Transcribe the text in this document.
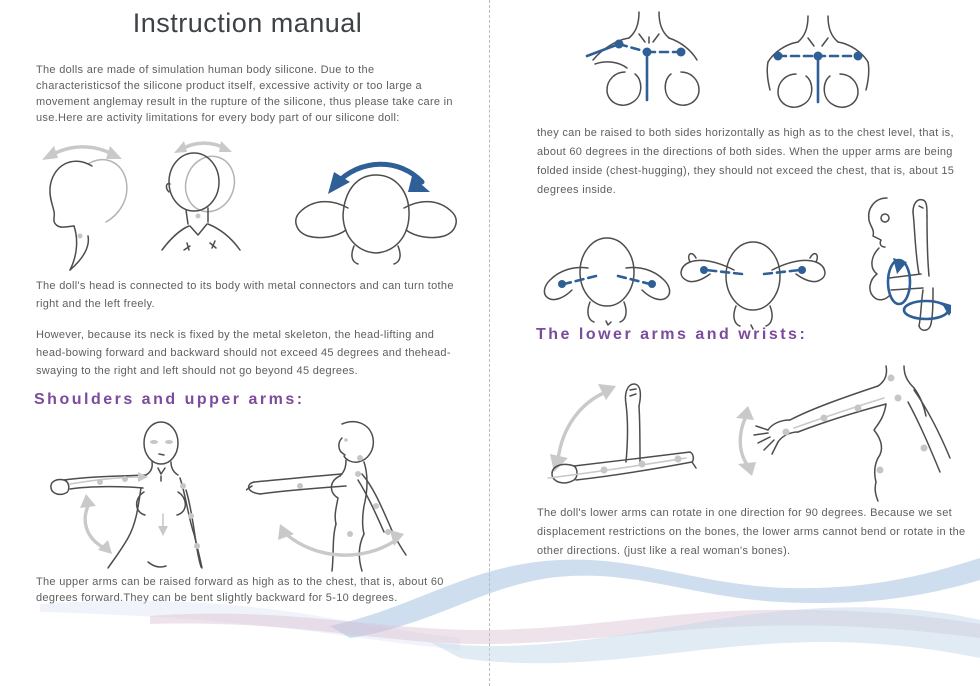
Instruction manual
The dolls are made of simulation human body silicone. Due to the characteristicsof the silicone product itself, excessive activity or too large a movement anglemay result in the rupture of the silicone, thus please take care in use.Here are activity limitations for every body part of our silicone doll:
The doll's head is connected to its body with metal connectors and can turn tothe right and the left freely.
However, because its neck is fixed by the metal skeleton, the head-lifting and head-bowing forward and backward should not exceed 45 degrees and thehead-swaying to the right and left should not go beyond 45 degrees.
Shoulders and upper arms:
The upper arms can be raised forward as high as to the chest, that is, about 60 degrees forward.They can be bent slightly backward for 5-10 degrees.
they can be raised to both sides horizontally as high as to the chest level, that is, about 60 degrees in the directions of both sides. When the upper arms are being folded inside (chest-hugging), they should not exceed the chest, that is, about 15 degrees inside.
The lower arms and wrists:
The doll's lower arms can rotate in one direction for 90 degrees. Because we set displacement restrictions on the bones, the lower arms cannot bend or rotate in the other directions. (just like a real woman's bones).
